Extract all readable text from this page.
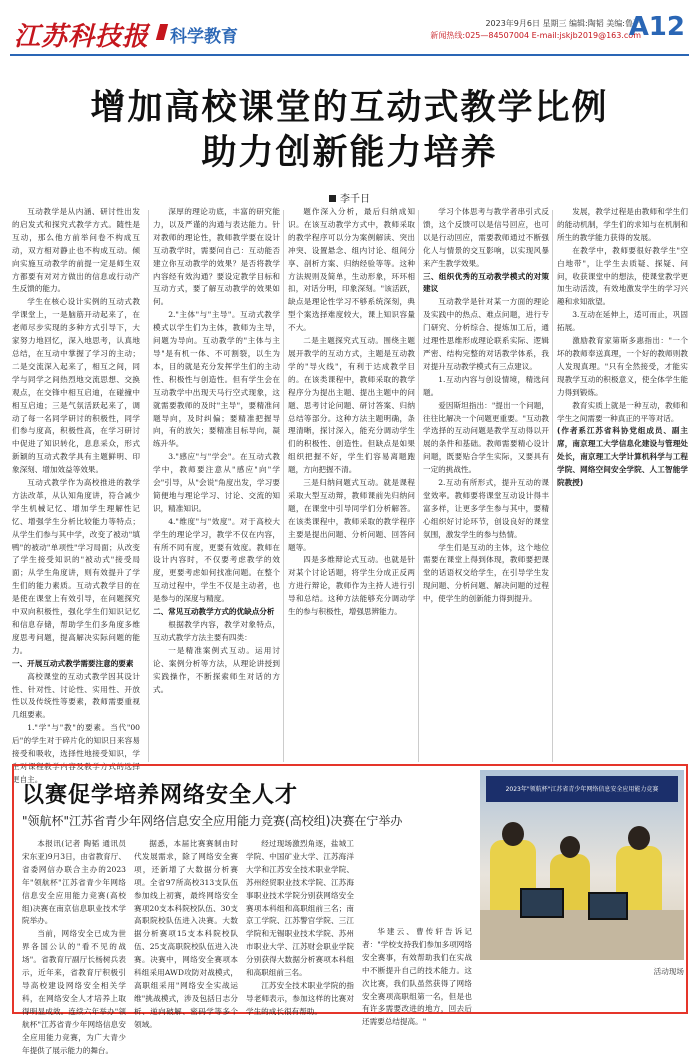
江苏科技报 科学教育
2023年9月6日 星期三 编辑:陶韬 美编:鲁严
新闻热线:025—84507004 E-mail:jskjb2019@163.com
A12
增加高校课堂的互动式教学比例
助力创新能力培养
李千日

互动教学是从内涵、研讨性出发的启发式和探究式教学方式。随性是互动，那么他方前举问卷不构成互动，双方相对静止也不构成互动。倾向实施互动教学的前提一定是师生双方都要有对对方做出的信息或行动产生反馈的能力。

学生在核心设计实例的互动式教学课堂上，一是脑筋开动起来了，在老师尽步实现的多种方式引导下，大家努力地回忆，深入地思考，认真地总结，在互动中掌握了学习的主动；二是交流深入起来了，相互之间，同学与同学之间热烈地交流思想、交换观点，在交锋中相互启迪，在碰撞中相互启迪；三是气氛活跃起来了，调动了每一名同学研讨的积极性，同学们参与度高，积极性高，在学习研讨中促进了知识转化，息息采众，形式新颖的互动式教学具有主题鲜明、印象深刻、增加效益等效果。

互动式教学作为高校推进的教学方法改革，从认知角度讲，符合减少学生机械记忆、增加学生理解性记忆、增强学生分析比较能力等特点；从学生们参与其中学，改变了被动"填鸭"的被动"单项性"学习局面；从改变了学生接受知识的"被动式"接受局面；从学生角度讲，则有效提升了学生们的能力素质。互动式教学目的在是使在课堂上有效引导，在问题探究中双向积极性，强化学生们知识记忆和信息存储，帮助学生们多角度多维度思考问题，提高解决实际问题的能力。

一、开展互动式教学需要注意的要素

高校课堂的互动式教学因其设计性、针对性、讨论性、实用性、开放性以及传统性等要素，教师需要重视几组要素。

1."学"与"教"的要素。当代"00后"的学生对于碎片化的知识日来容易接受和吸收，选择性地接受知识，学生对课程教学内容及教学方式的选择更自主。

深厚的理论功底，丰富的研究能力，以及严谨的沟通与表达能力。针对教师的理论性，教师教学要在设计互动教学时，需要问自己：互动能否建立你互动教学的效果？是否将教学内容经有效沟通？要设定教学目标和互动方式，要了解互动教学的效果如何。

2."主体"与"主导"。互动式教学模式以学生们为主体，教师为主导，问题为导向。互动教学的"主体与主导"是有机一体、不可割裂，以生为本，目的就是充分发挥学生们的主动性、积极性与创造性。但有学生会在互动教学中出现天马行空式现象，这就需要教师的及时"主导"，要精准问题导向，及时纠偏；要精准把握导向，有的放矢；要精准目标导向，凝练升华。

3."感应"与"学会"。在互动式教学中，教师要注意从"感应"向"学会"引导，从"会说"角度出发，学习要简便地与理论学习、讨论、交流的知识，精准知识。

4."维度"与"效度"。对于高校大学生的理论学习，教学不仅在内容，有所不同有度，更要有效度。教师在设计内容时，不仅要考虑教学的效度，更要考虑如何找准问题。在整个互动过程中，学生不仅是主动者，也是参与的深度与精度。

二、常见互动教学方式的优缺点分析

根据教学内容，教学对象特点，互动式教学方法主要有四类：

一是精准案例式互动。运用讨论、案例分析等方法，从理论讲授到实践操作，不断探索师生对话的方式。

题作深入分析，最后归纳成知识。在该互动教学方式中，教师采取的教学程序可以分为案例解读、突出冲突、设置悬念、组内讨论、组间分享、剖析方案、归纳经验等等。这种方法规则及简单，生动形象，环环相扣，对话分明，印象深刻。"该活跃，缺点是理论性学习不够系统深刻，典型个案选择难度较大，课上知识容量不大。

二是主题探究式互动。围绕主题展开教学的互动方式，主题是互动教学的"导火线"，有利于达成教学目的。在该类课程中，教师采取的教学程序分为提出主题、提出主题中的问题、思考讨论问题、研讨答案、归纳总结等部分。这种方法主题明确，条理清晰，探讨深入，能充分调动学生们的积极性、创造性。但缺点是如果组织把握不好，学生们容易离题跑题，方向把握不清。

三是归纳问题式互动。就是课程采取大型互动辩，教师课前先归纳问题，在课堂中引导同学们分析解答。在该类课程中，教师采取的教学程序主要是提出问题、分析问题、回答问题等。

四是多维辩论式互动。也就是针对某个讨论话题，将学生分成正反两方进行辩论，教师作为主持人进行引导和总结。这种方法能够充分调动学生的参与积极性，增强思辨能力。

学习个体思考与教学者串引式反馈，这个反馈可以是信号回应，也可以是行动回应，需要教师通过不断强化人与情景的交互影响，以实现风暴来产生教学效果。

三、组织优秀的互动教学模式的对策建议

互动教学是针对某一方面的理论及实践中的热点、难点问题，进行专门研究、分析综合、提炼加工后，通过理性思维形成理论联系实际、逻辑严密、结构完整的对话教学体系，我对提升互动教学模式有三点建议。

1.互动内容与创设情境，精选问题。

爱因斯坦指出："提出一个问题，往往比解决一个问题更重要。"互动教学选择的互动问题是教学互动得以开展的条件和基础。教师需要精心设计问题，既要贴合学生实际，又要具有一定的挑战性。

2.互动有所形式，提升互动的课堂效率。教师要将课堂互动设计得丰富多样，让更多学生参与其中，要精心组织好讨论环节，创设良好的课堂氛围，激发学生的参与热情。

学生们是互动的主体，这个地位需要在课堂上得到体现，教师要把课堂的话语权交给学生，在引导学生发现问题、分析问题、解决问题的过程中，使学生的创新能力得到提升。

发展，教学过程是由教师和学生们的能动机制，学生们的求知与在机制和所生的教学能力获得的发展。

在教学中，教师要很好教学生"空白地带"，让学生去质疑、探疑、问问，收获课堂中的想法，使课堂教学更加生动活泼，有效地激发学生的学习兴趣和求知欲望。

3.互动在延伸上，适可而止，巩固拓展。

激励教育家第斯多惠指出："一个坏的教师奉送真理，一个好的教师则教人发现真理。"只有全然接受，才能实现教学互动的积极意义，使全体学生能力得到锻炼。

教育实质上就是一种互动，教师和学生之间需要一种真正的平等对话。

(作者系江苏省科协党组成员、副主席，南京理工大学信息化建设与管理处处长，南京理工大学计算机科学与工程学院、网络空间安全学院、人工智能学院教授)

以赛促学培养网络安全人才
"领航杯"江苏省青少年网络信息安全应用能力竞赛(高校组)决赛在宁举办

本报讯(记者 陶韬 通讯员 宋东亚)9月3日，由省教育厅、省委网信办联合主办的2023年"领航杯"江苏省青少年网络信息安全应用能力竞赛(高校组)决赛在南京信息职业技术学院举办。

当前，网络安全已成为世界各国公认的"看不见的战场"。省教育厅副厅长杨树兵表示，近年来，省教育厅积极引导高校建设网络安全相关学科，在网络安全人才培养上取得明显成效。连续六年举办"领航杯"江苏省青少年网络信息安全应用能力竞赛，为广大青少年提供了展示能力的舞台。

据悉，本届比赛赛制由时代发展需求，除了网络安全赛项，还新增了大数据分析赛项。全省97所高校313支队伍参加线上初赛，最终网络安全赛项20支本科院校队伍、30支高职院校队伍进入决赛。大数据分析赛项15支本科院校队伍、25支高职院校队伍进入决赛。决赛中，网络安全赛项本科组采用AWD攻防对战模式，高职组采用"网络安全实战运维"挑战模式，涉及包括日志分析、逆向破解、密码学等多个领域。

经过现场激烈角逐，盐城工学院、中国矿业大学、江苏海洋大学和江苏安全技术职业学院、苏州经贸职业技术学院、江苏海事职业技术学院分别获网络安全赛项本科组和高职组前三名；南京工学院、江苏警官学院、三江学院和无锡职业技术学院、苏州市职业大学、江苏财会职业学院分别获得大数据分析赛项本科组和高职组前三名。

江苏安全技术职业学院的指导老师表示，参加这样的比赛对学生的成长很有帮助。

华建云、曹传轩告诉记者："学校支持我们参加多项网络安全赛事，有效帮助我们在实战中不断提升自己的技术能力。这次比赛，我们队虽然获得了网络安全赛项高职组第一名，但是也有许多需要改进的地方，回去后还需要总结提高。"

2023年"领航杯"江苏省青少年网络信息安全应用能力竞赛
活动现场
